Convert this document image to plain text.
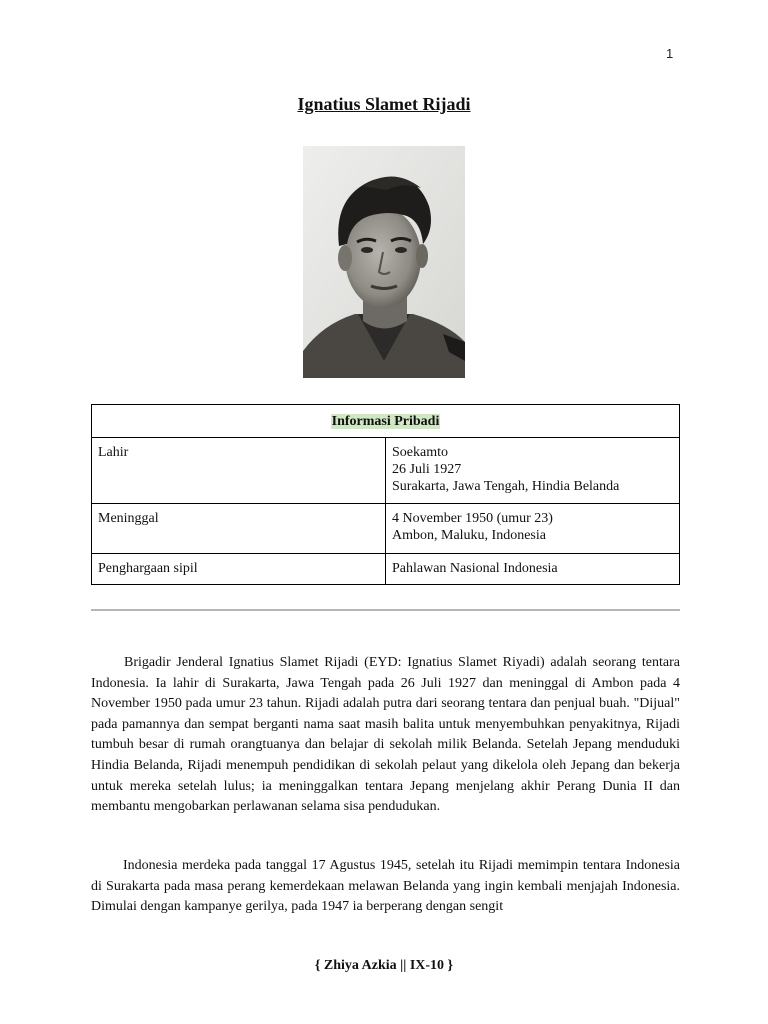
1
Ignatius Slamet Rijadi
Informasi Pribadi	
Lahir	Soekamto
26 Juli 1927
Surakarta, Jawa Tengah, Hindia Belanda

Meninggal	4 November 1950 (umur 23)
Ambon, Maluku, Indonesia

Penghargaan sipil	Pahlawan Nasional Indonesia

Brigadir Jenderal Ignatius Slamet Rijadi (EYD: Ignatius Slamet Riyadi) adalah seorang tentara Indonesia. Ia lahir di Surakarta, Jawa Tengah pada 26 Juli 1927 dan meninggal di Ambon pada 4 November 1950 pada umur 23 tahun. Rijadi adalah putra dari seorang tentara dan penjual buah. "Dijual" pada pamannya dan sempat berganti nama saat masih balita untuk menyembuhkan penyakitnya, Rijadi tumbuh besar di rumah orangtuanya dan belajar di sekolah milik Belanda. Setelah Jepang menduduki Hindia Belanda, Rijadi menempuh pendidikan di sekolah pelaut yang dikelola oleh Jepang dan bekerja untuk mereka setelah lulus; ia meninggalkan tentara Jepang menjelang akhir Perang Dunia II dan membantu mengobarkan perlawanan selama sisa pendudukan.

Indonesia merdeka pada tanggal 17 Agustus 1945, setelah itu Rijadi memimpin tentara Indonesia di Surakarta pada masa perang kemerdekaan melawan Belanda yang ingin kembali menjajah Indonesia. Dimulai dengan kampanye gerilya, pada 1947 ia berperang dengan sengit

{ Zhiya Azkia || IX-10 }
